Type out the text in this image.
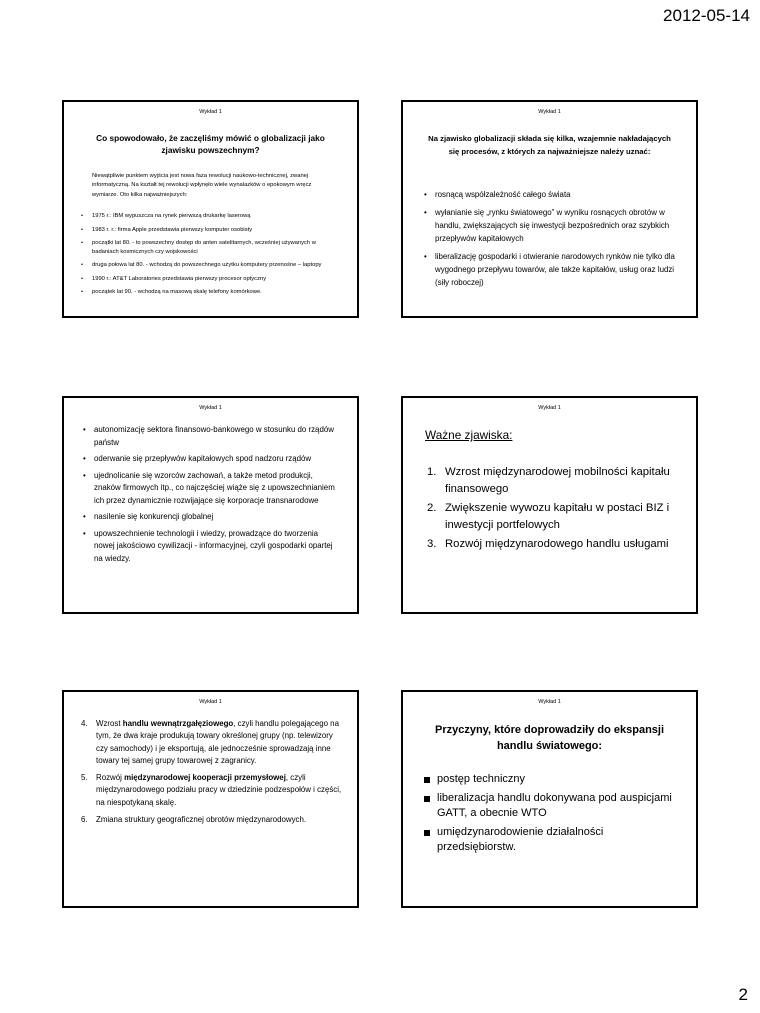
2012-05-14
Wykład 1

Co spowodowało, że zaczęliśmy mówić o globalizacji jako zjawisku powszechnym?

Niewątpliwie punktem wyjścia jest nowa faza rewolucji naukowo-technicznej, zwanej informatyczną. Na kształt tej rewolucji wpłynęło wiele wynalazków o epokowym wręcz wymiarze. Oto kilka najważniejszych:

• 1975 r.: IBM wypuszcza na rynek pierwszą drukarkę laserową
• 1983 r. r.: firma Apple przedstawia pierwszy komputer osobisty
• początki lat 80. - to powszechny dostęp do anten satelitarnych, wcześniej używanych w badaniach kosmicznych czy wojskowości
• druga połowa lat 80. - wchodzą do powszechnego użytku komputery przenośne – laptopy
• 1990 r.: AT&T Laboratories przedstawia pierwszy procesor optyczny
• początek lat 90. - wchodzą na masową skalę telefony komórkowe.
Wykład 1

Na zjawisko globalizacji składa się kilka, wzajemnie nakładających się procesów, z których za najważniejsze należy uznać:

• rosnącą współzależność całego świata
• wyłanianie się „rynku światowego” w wyniku rosnących obrotów w handlu, zwiększających się inwestycji bezpośrednich oraz szybkich przepływów kapitałowych
• liberalizację gospodarki i otwieranie narodowych rynków nie tylko dla wygodnego przepływu towarów, ale także kapitałów, usług oraz ludzi (siły roboczej)
Wykład 1
• autonomizację sektora finansowo-bankowego w stosunku do rządów państw
• oderwanie się przepływów kapitałowych spod nadzoru rządów
• ujednolicanie się wzorców zachowań, a także metod produkcji, znaków firmowych itp., co najczęściej wiąże się z upowszechnianiem ich przez dynamicznie rozwijające się korporacje transnarodowe
• nasilenie się konkurencji globalnej
• upowszechnienie technologii i wiedzy, prowadzące do tworzenia nowej jakościowo cywilizacji - informacyjnej, czyli gospodarki opartej na wiedzy.
Wykład 1

Ważne zjawiska:

1. Wzrost międzynarodowej mobilności kapitału finansowego
2. Zwiększenie wywozu kapitału w postaci BIZ i inwestycji portfelowych
3. Rozwój międzynarodowego handlu usługami
Wykład 1
4. Wzrost handlu wewnątrzgałęziowego, czyli handlu polegającego na tym, że dwa kraje produkują towary określonej grupy (np. telewizory czy samochody) i je eksportują, ale jednocześnie sprowadzają inne towary tej samej grupy towarowej z zagranicy.
5. Rozwój międzynarodowej kooperacji przemysłowej, czyli międzynarodowego podziału pracy w dziedzinie podzespołów i części, na niespotykaną skalę.
6. Zmiana struktury geograficznej obrotów międzynarodowych.
Wykład 1

Przyczyny, które doprowadziły do ekspansji handlu światowego:

postęp techniczny
liberalizacja handlu dokonywana pod auspicjami GATT, a obecnie WTO
umiędzynarodowienie działalności przedsiębiorstw.
2
